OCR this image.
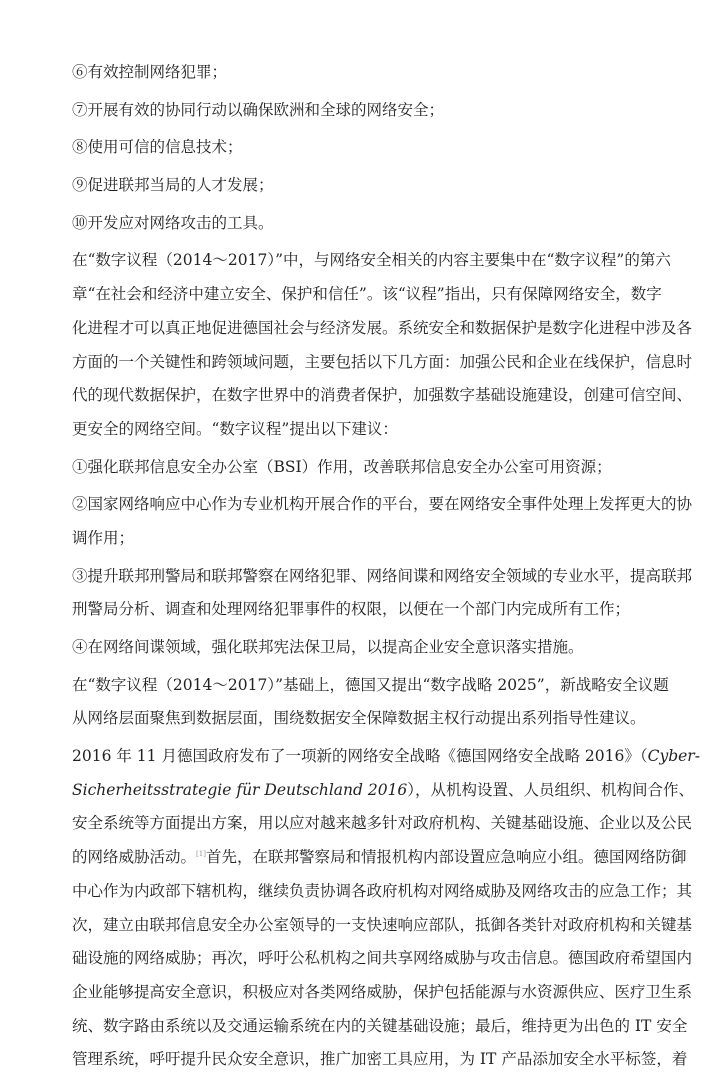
⑥有效控制网络犯罪；
⑦开展有效的协同行动以确保欧洲和全球的网络安全；
⑧使用可信的信息技术；
⑨促进联邦当局的人才发展；
⑩开发应对网络攻击的工具。
在“数字议程（2014～2017）”中，与网络安全相关的内容主要集中在“数字议程”的第六
章“在社会和经济中建立安全、保护和信任”。该“议程”指出，只有保障网络安全，数字
化进程才可以真正地促进德国社会与经济发展。系统安全和数据保护是数字化进程中涉及各
方面的一个关键性和跨领域问题，主要包括以下几方面：加强公民和企业在线保护，信息时
代的现代数据保护，在数字世界中的消费者保护，加强数字基础设施建设，创建可信空间、
更安全的网络空间。“数字议程”提出以下建议：
①强化联邦信息安全办公室（BSI）作用，改善联邦信息安全办公室可用资源；
②国家网络响应中心作为专业机构开展合作的平台，要在网络安全事件处理上发挥更大的协
调作用；
③提升联邦刑警局和联邦警察在网络犯罪、网络间谍和网络安全领域的专业水平，提高联邦
刑警局分析、调查和处理网络犯罪事件的权限，以便在一个部门内完成所有工作；
④在网络间谍领域，强化联邦宪法保卫局，以提高企业安全意识落实措施。
在“数字议程（2014～2017）”基础上，德国又提出“数字战略 2025”，新战略安全议题
从网络层面聚焦到数据层面，围绕数据安全保障数据主权行动提出系列指导性建议。
2016 年 11 月德国政府发布了一项新的网络安全战略《德国网络安全战略 2016》（Cyber-
Sicherheitsstrategie für Deutschland 2016），从机构设置、人员组织、机构间合作、
安全系统等方面提出方案，用以应对越来越多针对政府机构、关键基础设施、企业以及公民
的网络威胁活动。[1]首先，在联邦警察局和情报机构内部设置应急响应小组。德国网络防御
中心作为内政部下辖机构，继续负责协调各政府机构对网络威胁及网络攻击的应急工作；其
次，建立由联邦信息安全办公室领导的一支快速响应部队，抵御各类针对政府机构和关键基
础设施的网络威胁；再次，呼吁公私机构之间共享网络威胁与攻击信息。德国政府希望国内
企业能够提高安全意识，积极应对各类网络威胁，保护包括能源与水资源供应、医疗卫生系
统、数字路由系统以及交通运输系统在内的关键基础设施；最后，维持更为出色的 IT 安全
管理系统，呼吁提升民众安全意识，推广加密工具应用，为 IT 产品添加安全水平标签，着
